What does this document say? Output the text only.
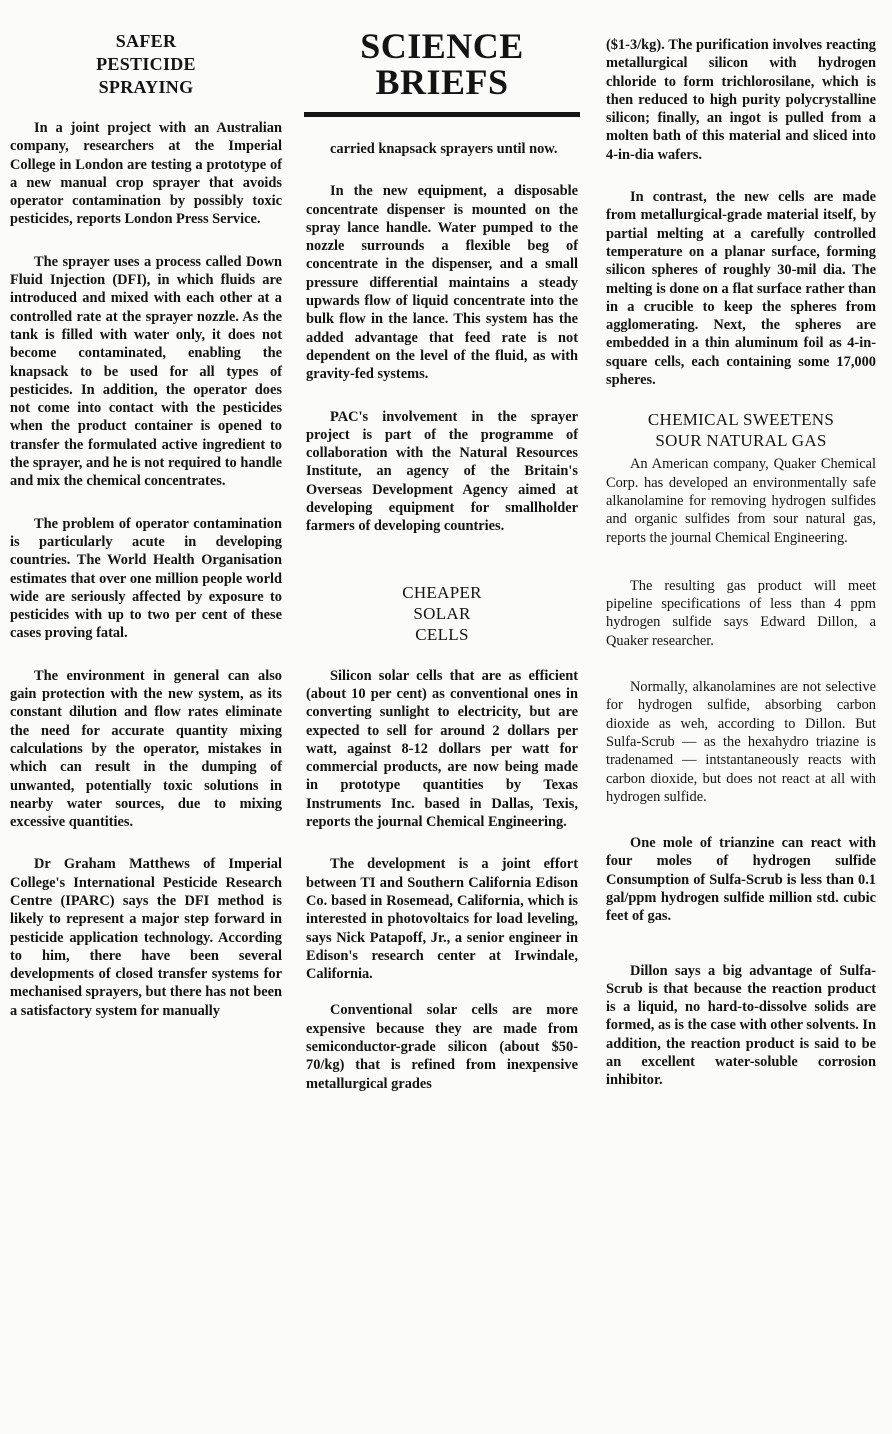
SAFER
PESTICIDE
SPRAYING

In a joint project with an Australian company, researchers at the Imperial College in London are testing a prototype of a new manual crop sprayer that avoids operator contamination by possibly toxic pesticides, reports London Press Service.

The sprayer uses a process called Down Fluid Injection (DFI), in which fluids are introduced and mixed with each other at a controlled rate at the sprayer nozzle. As the tank is filled with water only, it does not become contaminated, enabling the knapsack to be used for all types of pesticides. In addition, the operator does not come into contact with the pesticides when the product container is opened to transfer the formulated active ingredient to the sprayer, and he is not required to handle and mix the chemical concentrates.

The problem of operator contamination is particularly acute in developing countries. The World Health Organisation estimates that over one million people world wide are seriously affected by exposure to pesticides with up to two per cent of these cases proving fatal.

The environment in general can also gain protection with the new system, as its constant dilution and flow rates eliminate the need for accurate quantity mixing calculations by the operator, mistakes in which can result in the dumping of unwanted, potentially toxic solutions in nearby water sources, due to mixing excessive quantities.

Dr Graham Matthews of Imperial College's International Pesticide Research Centre (IPARC) says the DFI method is likely to represent a major step forward in pesticide application technology. According to him, there have been several developments of closed transfer systems for mechanised sprayers, but there has not been a satisfactory system for manually

SCIENCE
BRIEFS

carried knapsack sprayers until now.

In the new equipment, a disposable concentrate dispenser is mounted on the spray lance handle. Water pumped to the nozzle surrounds a flexible beg of concentrate in the dispenser, and a small pressure differential maintains a steady upwards flow of liquid concentrate into the bulk flow in the lance. This system has the added advantage that feed rate is not dependent on the level of the fluid, as with gravity-fed systems.

PAC's involvement in the sprayer project is part of the programme of collaboration with the Natural Resources Institute, an agency of the Britain's Overseas Development Agency aimed at developing equipment for smallholder farmers of developing countries.

CHEAPER
SOLAR
CELLS

Silicon solar cells that are as efficient (about 10 per cent) as conventional ones in converting sunlight to electricity, but are expected to sell for around 2 dollars per watt, against 8-12 dollars per watt for commercial products, are now being made in prototype quantities by Texas Instruments Inc. based in Dallas, Texis, reports the journal Chemical Engineering.

The development is a joint effort between TI and Southern California Edison Co. based in Rosemead, California, which is interested in photovoltaics for load leveling, says Nick Patapoff, Jr., a senior engineer in Edison's research center at Irwindale, California.

Conventional solar cells are more expensive because they are made from semiconductor-grade silicon (about $50-70/kg) that is refined from inexpensive metallurgical grades

($1-3/kg). The purification involves reacting metallurgical silicon with hydrogen chloride to form trichlorosilane, which is then reduced to high purity polycrystalline silicon; finally, an ingot is pulled from a molten bath of this material and sliced into 4-in-dia wafers.

In contrast, the new cells are made from metallurgical-grade material itself, by partial melting at a carefully controlled temperature on a planar surface, forming silicon spheres of roughly 30-mil dia. The melting is done on a flat surface rather than in a crucible to keep the spheres from agglomerating. Next, the spheres are embedded in a thin aluminum foil as 4-in-square cells, each containing some 17,000 spheres.

CHEMICAL SWEETENS
SOUR NATURAL GAS

An American company, Quaker Chemical Corp. has developed an environmentally safe alkanolamine for removing hydrogen sulfides and organic sulfides from sour natural gas, reports the journal Chemical Engineering.

The resulting gas product will meet pipeline specifications of less than 4 ppm hydrogen sulfide says Edward Dillon, a Quaker researcher.

Normally, alkanolamines are not selective for hydrogen sulfide, absorbing carbon dioxide as weh, according to Dillon. But Sulfa-Scrub — as the hexahydro triazine is tradenamed — intstantaneously reacts with carbon dioxide, but does not react at all with hydrogen sulfide.

One mole of trianzine can react with four moles of hydrogen sulfide Consumption of Sulfa-Scrub is less than 0.1 gal/ppm hydrogen sulfide million std. cubic feet of gas.

Dillon says a big advantage of Sulfa-Scrub is that because the reaction product is a liquid, no hard-to-dissolve solids are formed, as is the case with other solvents. In addition, the reaction product is said to be an excellent water-soluble corrosion inhibitor.
